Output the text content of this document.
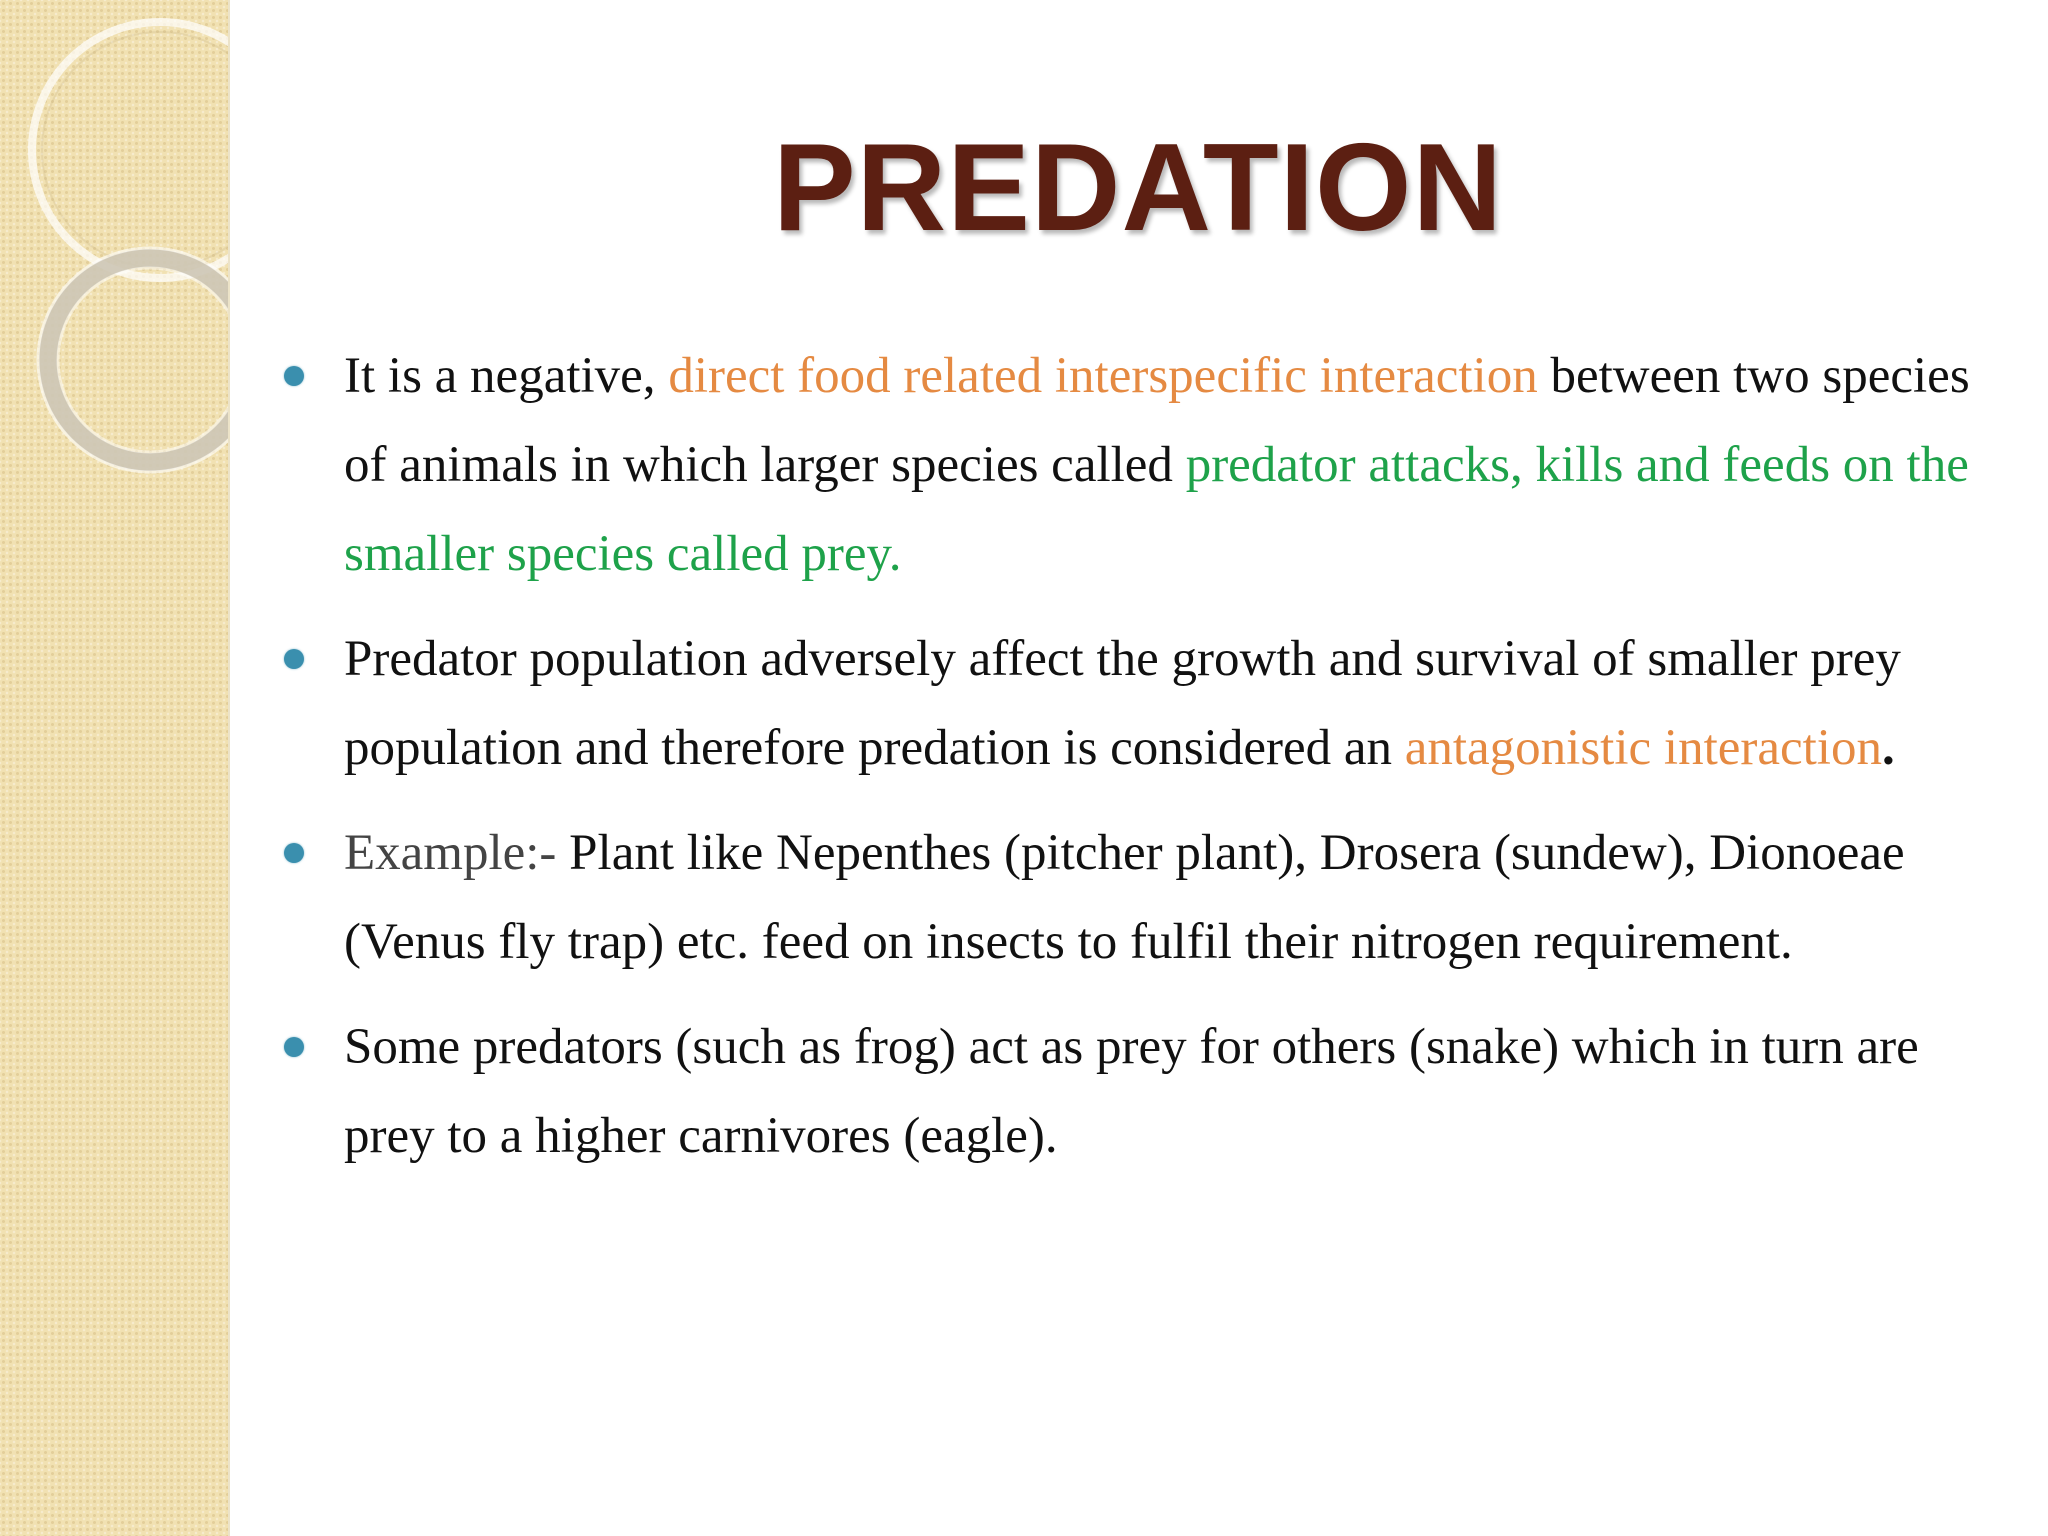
PREDATION
It is a negative, direct food related interspecific interaction between two species of animals in which larger species called predator attacks, kills and feeds on the smaller species called prey.
Predator population adversely affect the growth and survival of smaller prey population and therefore predation is considered an antagonistic interaction.
Example:- Plant like Nepenthes (pitcher plant), Drosera (sundew), Dionoeae (Venus fly trap) etc. feed on insects to fulfil their nitrogen requirement.
Some predators (such as frog) act as prey for others (snake) which in turn are prey to a higher carnivores (eagle).
